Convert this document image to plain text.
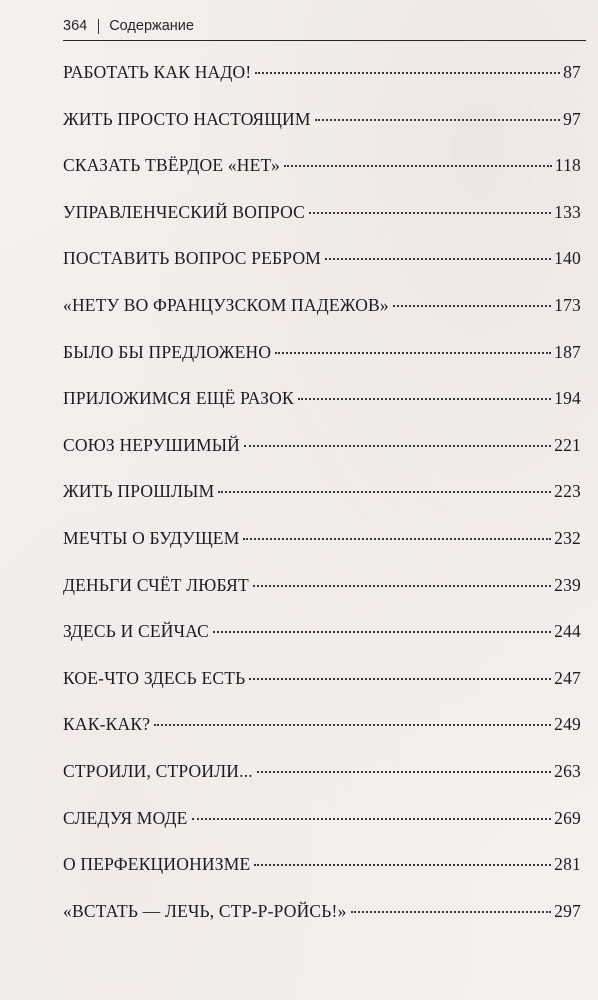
364 Содержание
РАБОТАТЬ КАК НАДО!	87
ЖИТЬ ПРОСТО НАСТОЯЩИМ	97
СКАЗАТЬ ТВЁРДОЕ «НЕТ»	118
УПРАВЛЕНЧЕСКИЙ ВОПРОС	133
ПОСТАВИТЬ ВОПРОС РЕБРОМ	140
«НЕТУ ВО ФРАНЦУЗСКОМ ПАДЕЖОВ»	173
БЫЛО БЫ ПРЕДЛОЖЕНО	187
ПРИЛОЖИМСЯ ЕЩЁ РАЗОК	194
СОЮЗ НЕРУШИМЫЙ	221
ЖИТЬ ПРОШЛЫМ	223
МЕЧТЫ О БУДУЩЕМ	232
ДЕНЬГИ СЧЁТ ЛЮБЯТ	239
ЗДЕСЬ И СЕЙЧАС	244
КОЕ-ЧТО ЗДЕСЬ ЕСТЬ	247
КАК-КАК?	249
СТРОИЛИ, СТРОИЛИ...	263
СЛЕДУЯ МОДЕ	269
О ПЕРФЕКЦИОНИЗМЕ	281
«ВСТАТЬ — ЛЕЧЬ, СТР-Р-РОЙСЬ!»	297
